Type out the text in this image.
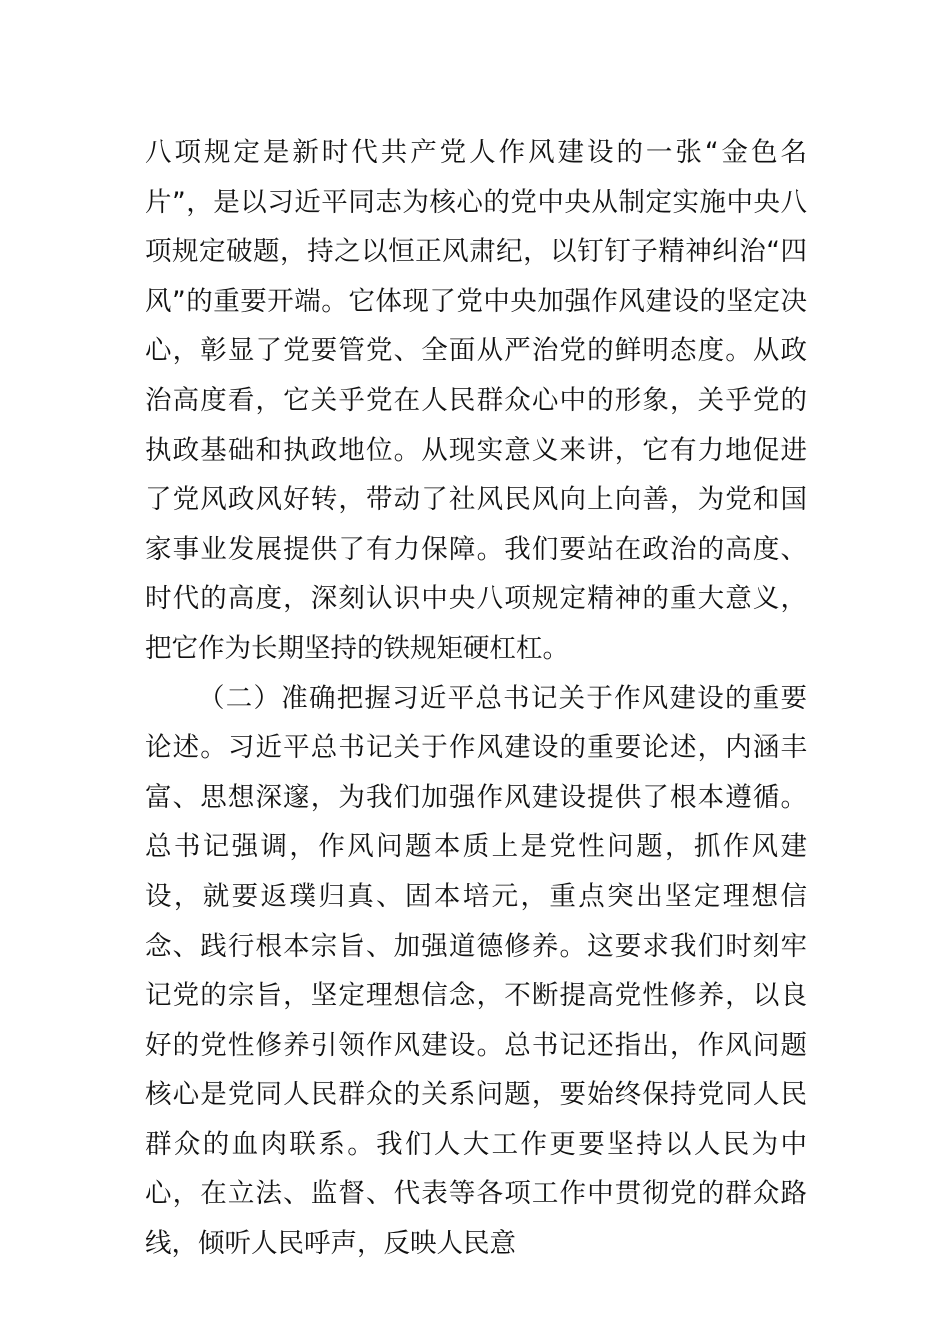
八项规定是新时代共产党人作风建设的一张“金色名片”，是以习近平同志为核心的党中央从制定实施中央八项规定破题，持之以恒正风肃纪，以钉钉子精神纠治“四风”的重要开端。它体现了党中央加强作风建设的坚定决心，彰显了党要管党、全面从严治党的鲜明态度。从政治高度看，它关乎党在人民群众心中的形象，关乎党的执政基础和执政地位。从现实意义来讲，它有力地促进了党风政风好转，带动了社风民风向上向善，为党和国家事业发展提供了有力保障。我们要站在政治的高度、时代的高度，深刻认识中央八项规定精神的重大意义，把它作为长期坚持的铁规矩硬杠杠。

（二）准确把握习近平总书记关于作风建设的重要论述。习近平总书记关于作风建设的重要论述，内涵丰富、思想深邃，为我们加强作风建设提供了根本遵循。总书记强调，作风问题本质上是党性问题，抓作风建设，就要返璞归真、固本培元，重点突出坚定理想信念、践行根本宗旨、加强道德修养。这要求我们时刻牢记党的宗旨，坚定理想信念，不断提高党性修养，以良好的党性修养引领作风建设。总书记还指出，作风问题核心是党同人民群众的关系问题，要始终保持党同人民群众的血肉联系。我们人大工作更要坚持以人民为中心，在立法、监督、代表等各项工作中贯彻党的群众路线，倾听人民呼声，反映人民意
